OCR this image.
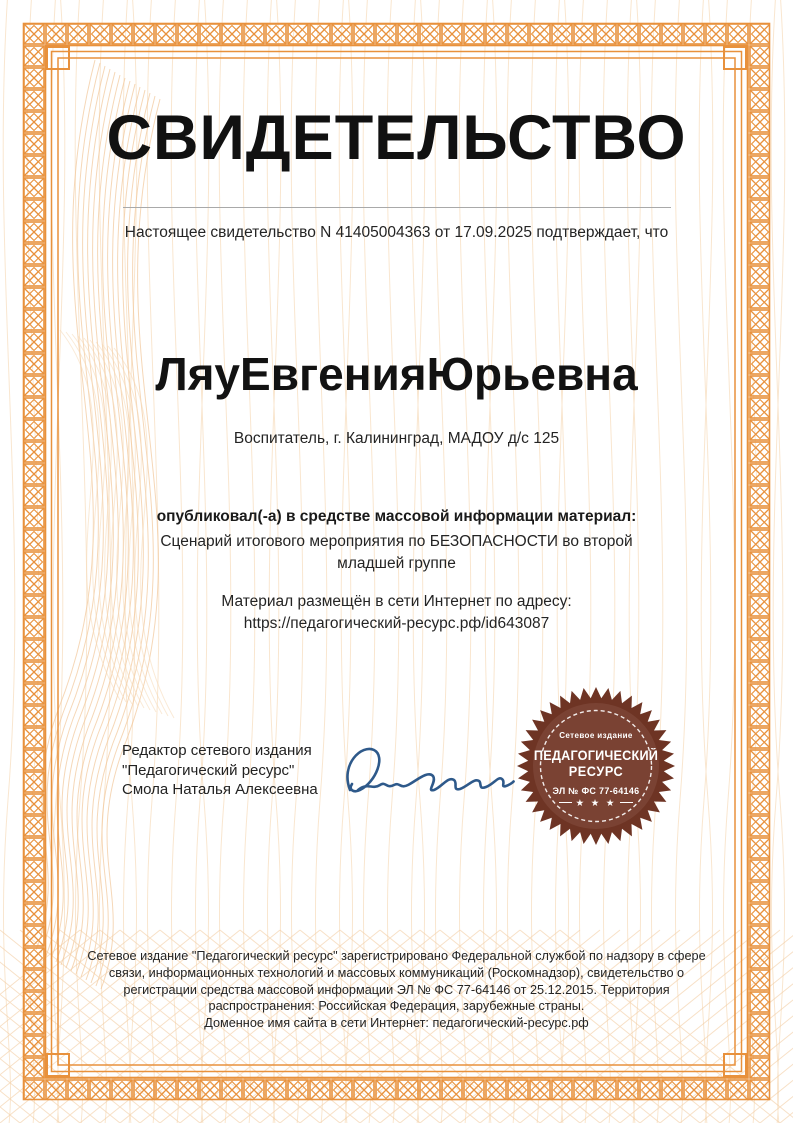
СВИДЕТЕЛЬСТВО
Настоящее свидетельство N 41405004363 от 17.09.2025 подтверждает, что
ЛяуЕвгенияЮрьевна
Воспитатель, г. Калининград, МАДОУ д/с 125
опубликовал(-а) в средстве массовой информации материал:
Сценарий итогового мероприятия по БЕЗОПАСНОСТИ во второй
младшей группе
Материал размещён в сети Интернет по адресу:
https://педагогический-ресурс.рф/id643087
Редактор сетевого издания
"Педагогический ресурс"
Смола Наталья Алексеевна
Сетевое издание
ПЕДАГОГИЧЕСКИЙ
РЕСУРС
ЭЛ № ФС 77-64146
★ ★ ★
Сетевое издание "Педагогический ресурс" зарегистрировано Федеральной службой по надзору в сфере
связи, информационных технологий и массовых коммуникаций (Роскомнадзор), свидетельство о
регистрации средства массовой информации ЭЛ № ФС 77-64146 от 25.12.2015. Территория
распространения: Российская Федерация, зарубежные страны.
Доменное имя сайта в сети Интернет: педагогический-ресурс.рф
